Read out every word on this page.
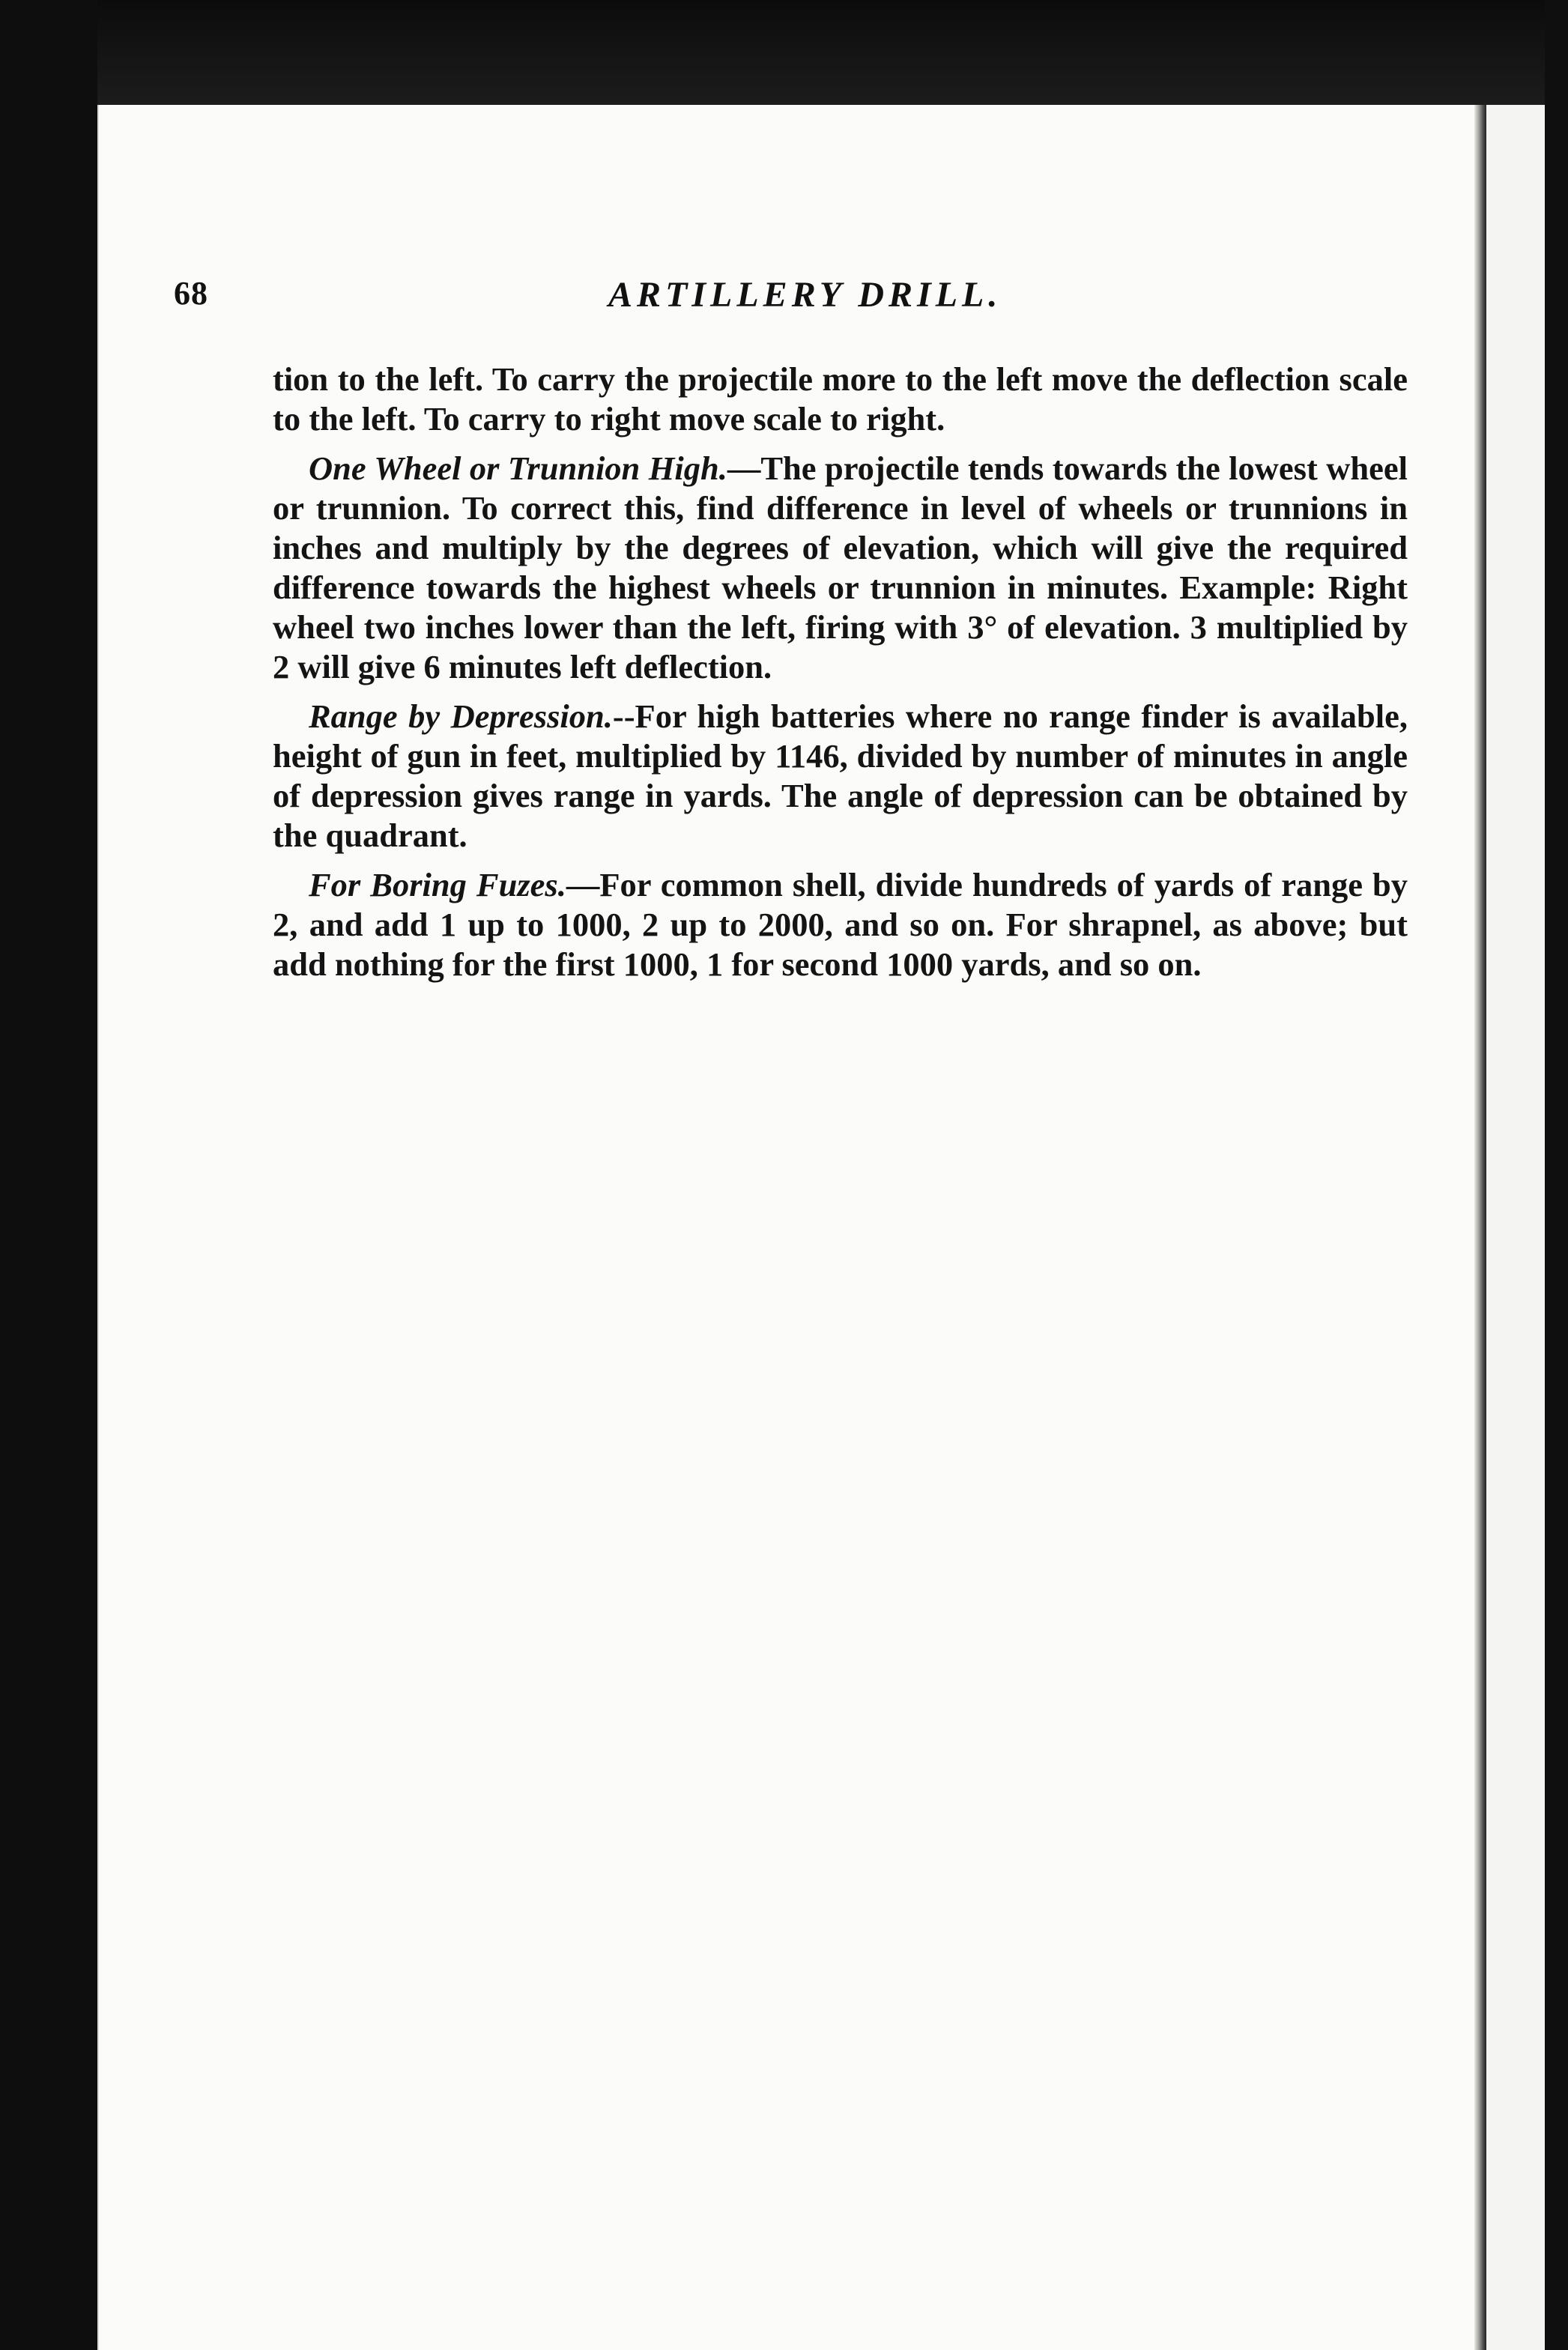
68	ARTILLERY DRILL.

tion to the left. To carry the projectile more to the left move the deflection scale to the left. To carry to right move scale to right.

One Wheel or Trunnion High.—The projectile tends towards the lowest wheel or trunnion. To correct this, find difference in level of wheels or trunnions in inches and multiply by the degrees of elevation, which will give the required difference towards the highest wheels or trunnion in minutes. Example: Right wheel two inches lower than the left, firing with 3° of elevation. 3 multiplied by 2 will give 6 minutes left deflection.

Range by Depression.--For high batteries where no range finder is available, height of gun in feet, multiplied by 1146, divided by number of minutes in angle of depression gives range in yards. The angle of depression can be obtained by the quadrant.

For Boring Fuzes.—For common shell, divide hundreds of yards of range by 2, and add 1 up to 1000, 2 up to 2000, and so on. For shrapnel, as above; but add nothing for the first 1000, 1 for second 1000 yards, and so on.
